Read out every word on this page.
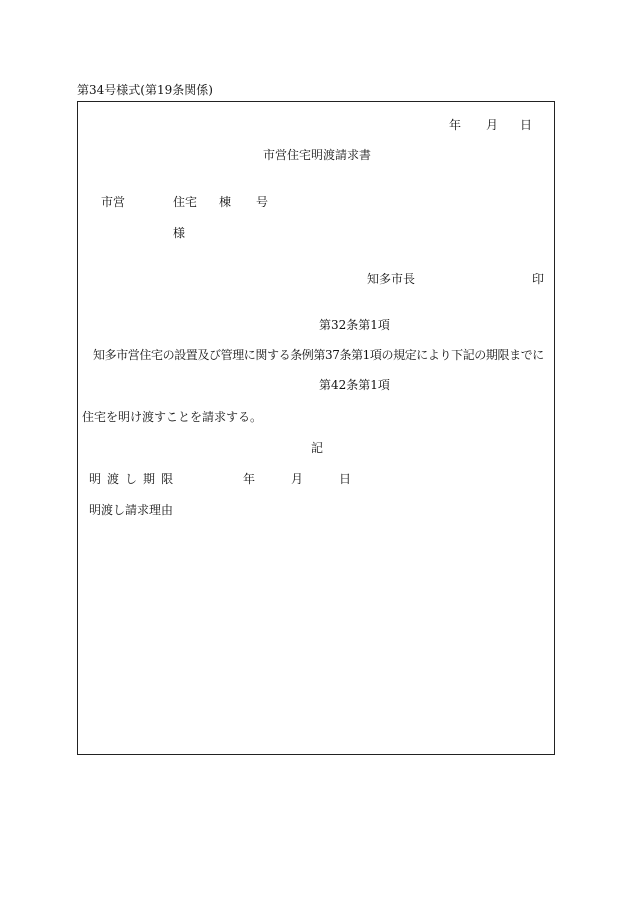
第34号様式(第19条関係)
年 月 日
市営住宅明渡請求書
市営	住宅 棟 号
様
知多市長	印
第32条第1項
知多市営住宅の設置及び管理に関する条例第37条第1項の規定により下記の期限までに
第42条第1項
住宅を明け渡すことを請求する。
記
明 渡 し 期 限	年	月	日
明渡し請求理由
